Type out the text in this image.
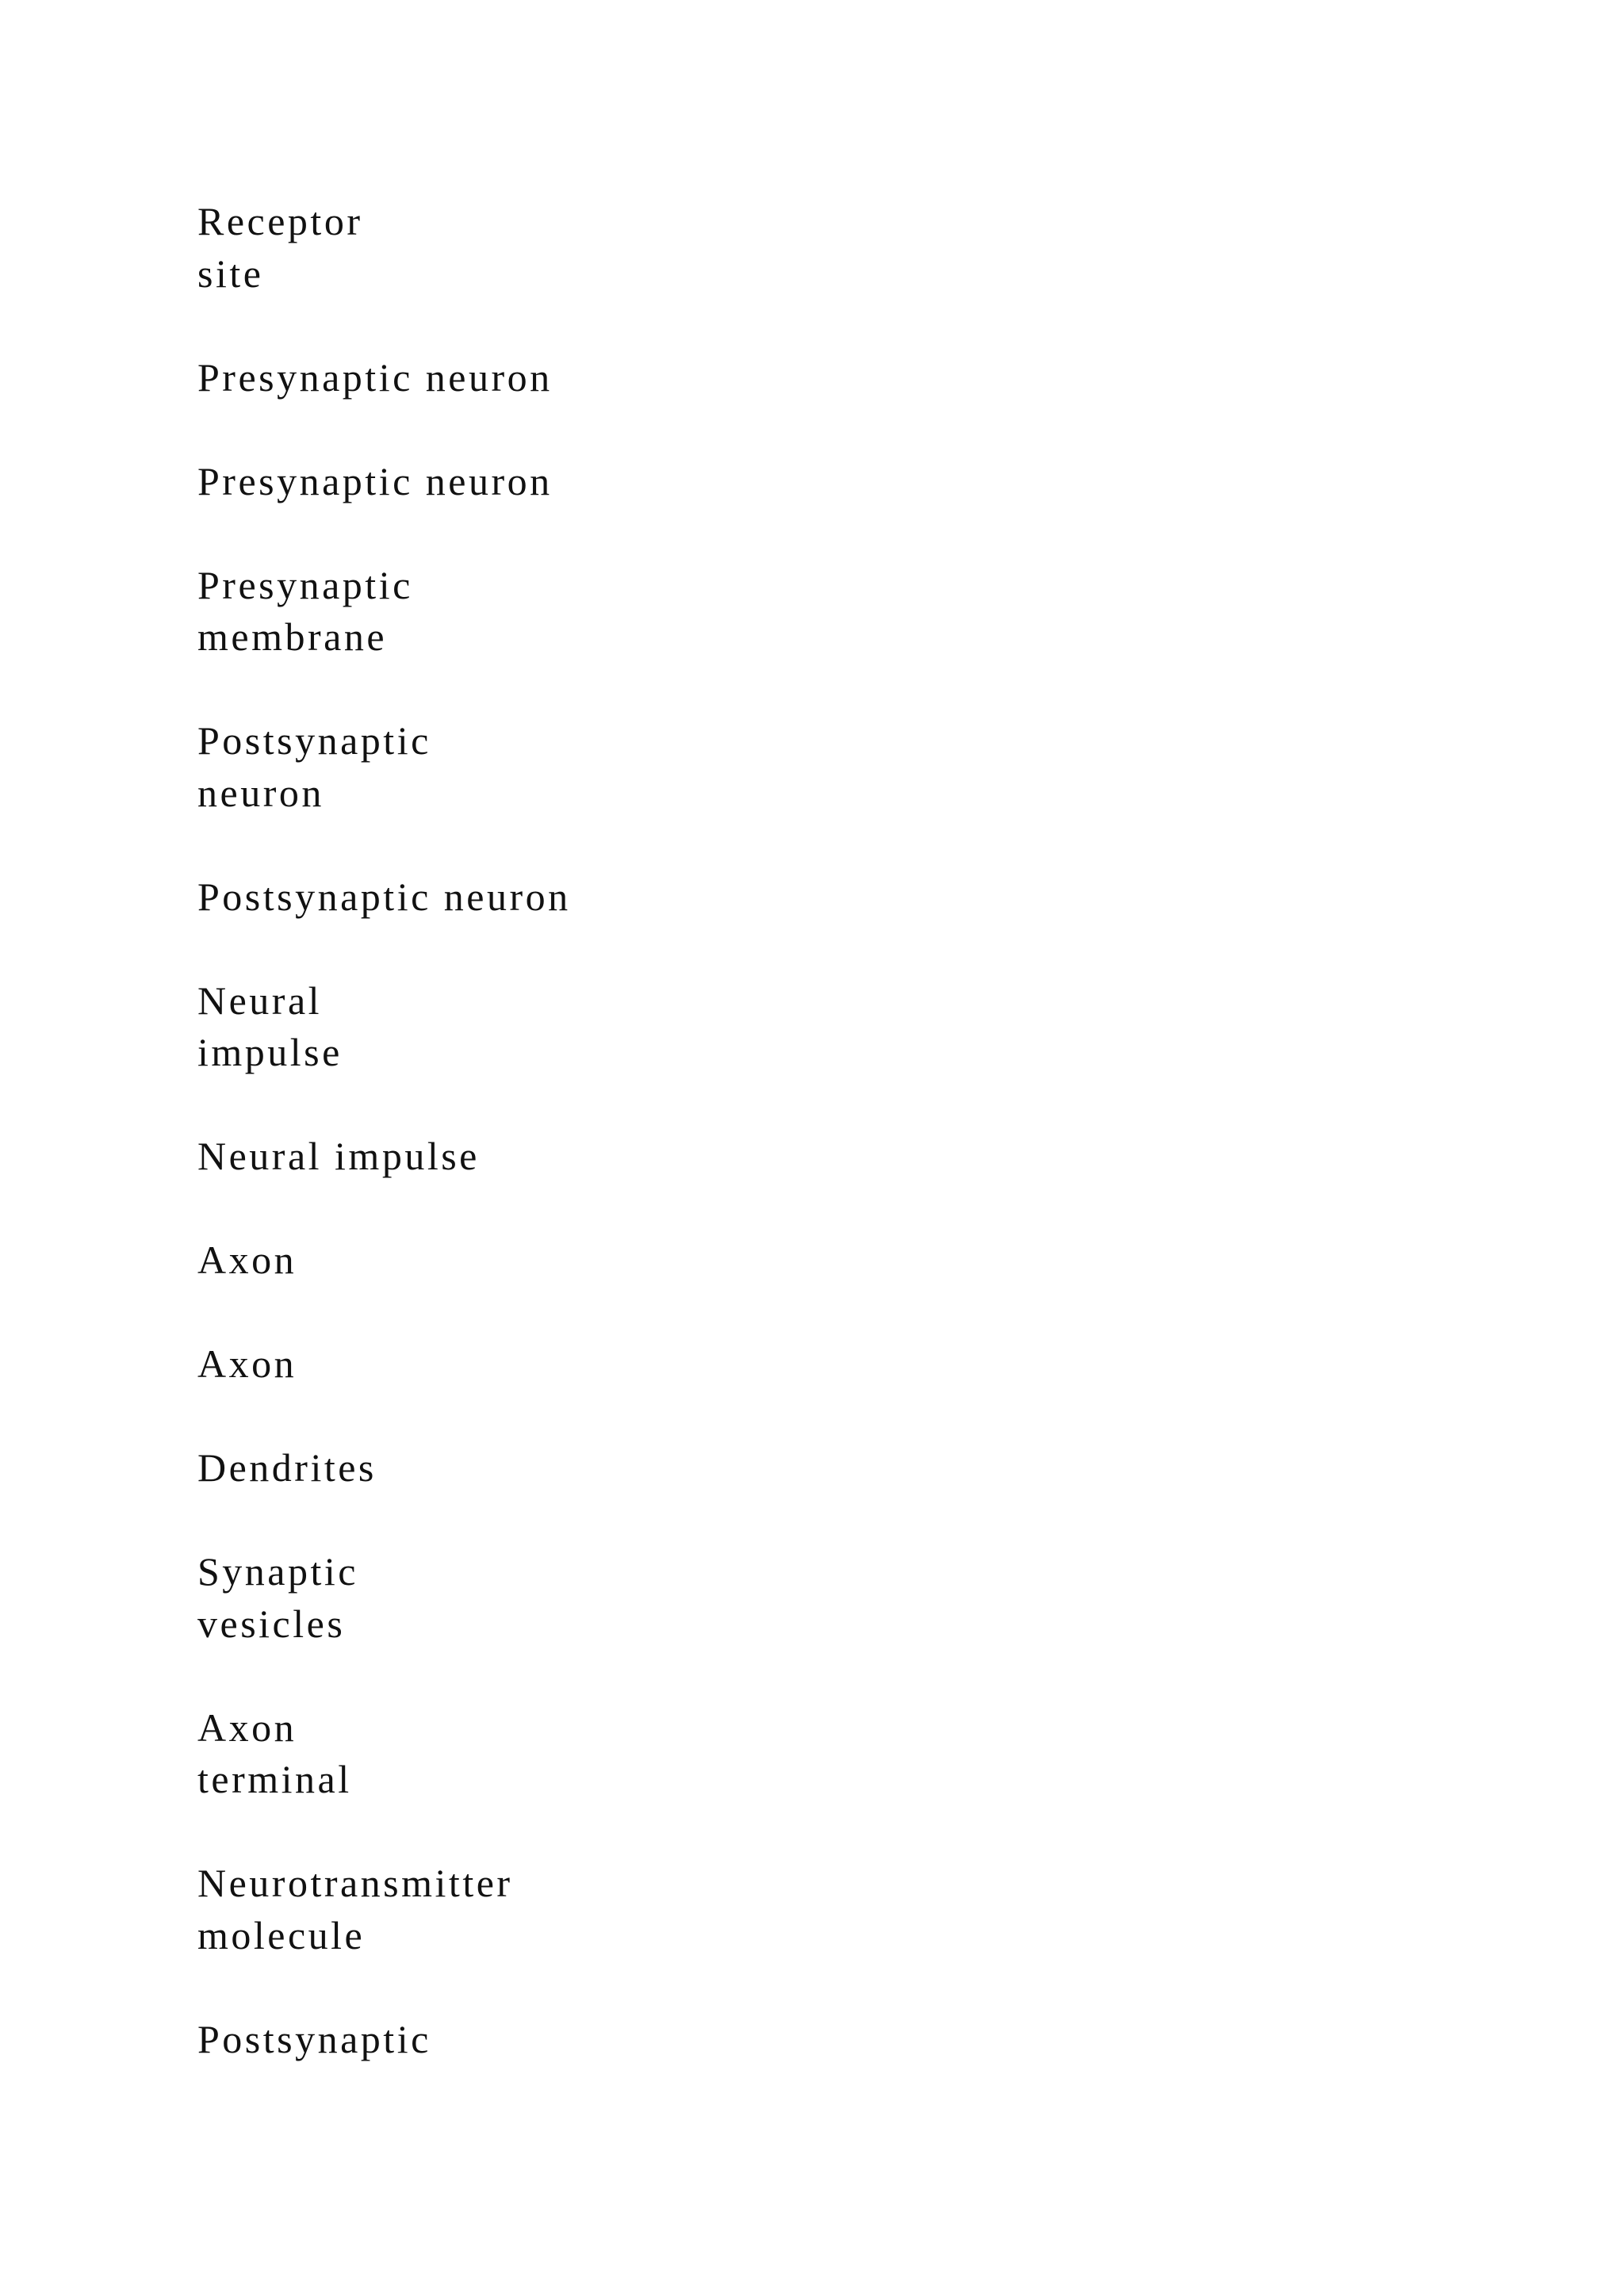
Receptor
site
Presynaptic neuron
Presynaptic neuron
Presynaptic
membrane
Postsynaptic
neuron
Postsynaptic neuron
Neural
impulse
Neural impulse
Axon
Axon
Dendrites
Synaptic
vesicles
Axon
terminal
Neurotransmitter
molecule
Postsynaptic
